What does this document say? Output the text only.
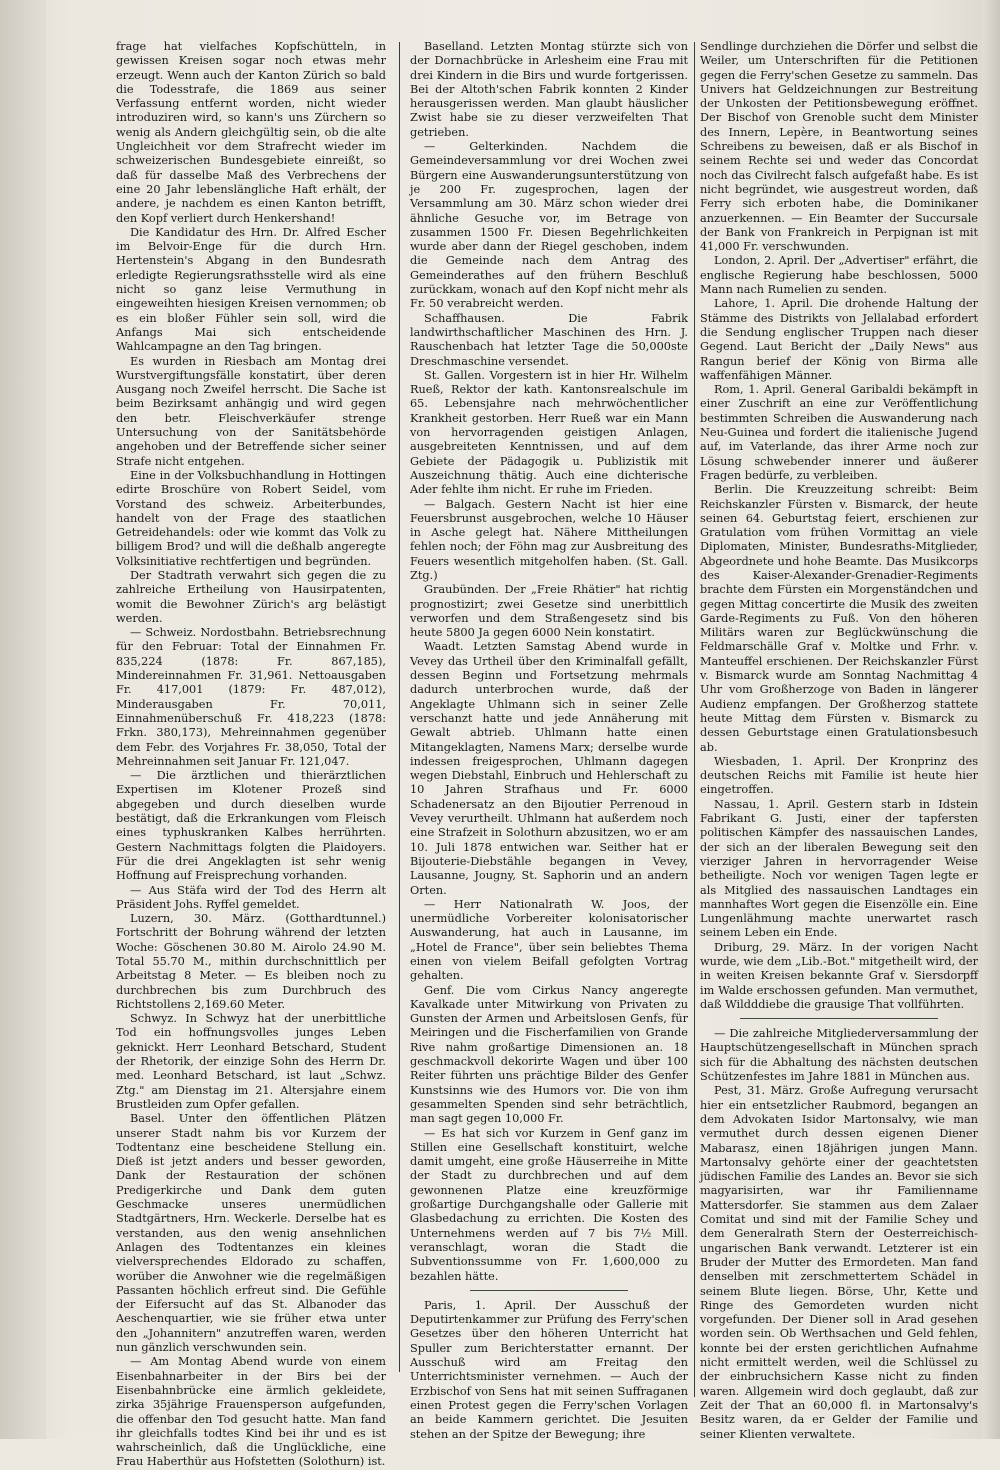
frage hat vielfaches Kopfschütteln, in gewissen Kreisen sogar noch etwas mehr erzeugt. Wenn auch der Kanton Zürich so bald die Todesstrafe, die 1869 aus seiner Verfassung entfernt worden, nicht wieder introduziren wird, so kann's uns Zürchern so wenig als Andern gleichgültig sein, ob die alte Ungleichheit vor dem Strafrecht wieder im schweizerischen Bundesgebiete einreißt, so daß für dasselbe Maß des Verbrechens der eine 20 Jahr lebenslängliche Haft erhält, der andere, je nachdem es einen Kanton betrifft, den Kopf verliert durch Henkershand!

Die Kandidatur des Hrn. Dr. Alfred Escher im Belvoir-Enge für die durch Hrn. Hertenstein's Abgang in den Bundesrath erledigte Regierungsrathsstelle wird als eine nicht so ganz leise Vermuthung in eingeweihten hiesigen Kreisen vernommen; ob es ein bloßer Fühler sein soll, wird die Anfangs Mai sich entscheidende Wahlcampagne an den Tag bringen.

Es wurden in Riesbach am Montag drei Wurstvergiftungsfälle konstatirt, über deren Ausgang noch Zweifel herrscht. Die Sache ist beim Bezirksamt anhängig und wird gegen den betr. Fleischverkäufer strenge Untersuchung von der Sanitätsbehörde angehoben und der Betreffende sicher seiner Strafe nicht entgehen.

Eine in der Volksbuchhandlung in Hottingen edirte Broschüre von Robert Seidel, vom Vorstand des schweiz. Arbeiterbundes, handelt von der Frage des staatlichen Getreidehandels: oder wie kommt das Volk zu billigem Brod? und will die deßhalb angeregte Volksinitiative rechtfertigen und begründen.

Der Stadtrath verwahrt sich gegen die zu zahlreiche Ertheilung von Hausirpatenten, womit die Bewohner Zürich's arg belästigt werden.

— Schweiz. Nordostbahn. Betriebsrechnung für den Februar: Total der Einnahmen Fr. 835,224 (1878: Fr. 867,185), Mindereinnahmen Fr. 31,961. Nettoausgaben Fr. 417,001 (1879: Fr. 487,012), Minderausgaben Fr. 70,011, Einnahmenüberschuß Fr. 418,223 (1878: Frkn. 380,173), Mehreinnahmen gegenüber dem Febr. des Vorjahres Fr. 38,050, Total der Mehreinnahmen seit Januar Fr. 121,047.

— Die ärztlichen und thierärztlichen Expertisen im Klotener Prozeß sind abgegeben und durch dieselben wurde bestätigt, daß die Erkrankungen vom Fleisch eines typhuskranken Kalbes herrührten. Gestern Nachmittags folgten die Plaidoyers. Für die drei Angeklagten ist sehr wenig Hoffnung auf Freisprechung vorhanden.

— Aus Stäfa wird der Tod des Herrn alt Präsident Johs. Ryffel gemeldet.

Luzern, 30. März. (Gotthardtunnel.) Fortschritt der Bohrung während der letzten Woche: Göschenen 30.80 M. Airolo 24.90 M. Total 55.70 M., mithin durchschnittlich per Arbeitstag 8 Meter. — Es bleiben noch zu durchbrechen bis zum Durchbruch des Richtstollens 2,169.60 Meter.

Schwyz. In Schwyz hat der unerbittliche Tod ein hoffnungsvolles junges Leben geknickt. Herr Leonhard Betschard, Student der Rhetorik, der einzige Sohn des Herrn Dr. med. Leonhard Betschard, ist laut „Schwz. Ztg." am Dienstag im 21. Altersjahre einem Brustleiden zum Opfer gefallen.

Basel. Unter den öffentlichen Plätzen unserer Stadt nahm bis vor Kurzem der Todtentanz eine bescheidene Stellung ein. Dieß ist jetzt anders und besser geworden, Dank der Restauration der schönen Predigerkirche und Dank dem guten Geschmacke unseres unermüdlichen Stadtgärtners, Hrn. Weckerle. Derselbe hat es verstanden, aus den wenig ansehnlichen Anlagen des Todtentanzes ein kleines vielversprechendes Eldorado zu schaffen, worüber die Anwohner wie die regelmäßigen Passanten höchlich erfreut sind. Die Gefühle der Eifersucht auf das St. Albanoder das Aeschenquartier, wie sie früher etwa unter den „Johannitern" anzutreffen waren, werden nun gänzlich verschwunden sein.

— Am Montag Abend wurde von einem Eisenbahnarbeiter in der Birs bei der Eisenbahnbrücke eine ärmlich gekleidete, zirka 35jährige Frauensperson aufgefunden, die offenbar den Tod gesucht hatte. Man fand ihr gleichfalls todtes Kind bei ihr und es ist wahrscheinlich, daß die Unglückliche, eine Frau Haberthür aus Hofstetten (Solothurn) ist.

Baselland. Letzten Montag stürzte sich von der Dornachbrücke in Arlesheim eine Frau mit drei Kindern in die Birs und wurde fortgerissen. Bei der Altoth'schen Fabrik konnten 2 Kinder herausgerissen werden. Man glaubt häuslicher Zwist habe sie zu dieser verzweifelten That getrieben.

— Gelterkinden. Nachdem die Gemeindeversammlung vor drei Wochen zwei Bürgern eine Auswanderungsunterstützung von je 200 Fr. zugesprochen, lagen der Versammlung am 30. März schon wieder drei ähnliche Gesuche vor, im Betrage von zusammen 1500 Fr. Diesen Begehrlichkeiten wurde aber dann der Riegel geschoben, indem die Gemeinde nach dem Antrag des Gemeinderathes auf den frühern Beschluß zurückkam, wonach auf den Kopf nicht mehr als Fr. 50 verabreicht werden.

Schaffhausen. Die Fabrik landwirthschaftlicher Maschinen des Hrn. J. Rauschenbach hat letzter Tage die 50,000ste Dreschmaschine versendet.

St. Gallen. Vorgestern ist in hier Hr. Wilhelm Rueß, Rektor der kath. Kantonsrealschule im 65. Lebensjahre nach mehrwöchentlicher Krankheit gestorben. Herr Rueß war ein Mann von hervorragenden geistigen Anlagen, ausgebreiteten Kenntnissen, und auf dem Gebiete der Pädagogik u. Publizistik mit Auszeichnung thätig. Auch eine dichterische Ader fehlte ihm nicht. Er ruhe im Frieden.

— Balgach. Gestern Nacht ist hier eine Feuersbrunst ausgebrochen, welche 10 Häuser in Asche gelegt hat. Nähere Mittheilungen fehlen noch; der Föhn mag zur Ausbreitung des Feuers wesentlich mitgeholfen haben. (St. Gall. Ztg.)

Graubünden. Der „Freie Rhätier" hat richtig prognostizirt; zwei Gesetze sind unerbittlich verworfen und dem Straßengesetz sind bis heute 5800 Ja gegen 6000 Nein konstatirt.

Waadt. Letzten Samstag Abend wurde in Vevey das Urtheil über den Kriminalfall gefällt, dessen Beginn und Fortsetzung mehrmals dadurch unterbrochen wurde, daß der Angeklagte Uhlmann sich in seiner Zelle verschanzt hatte und jede Annäherung mit Gewalt abtrieb. Uhlmann hatte einen Mitangeklagten, Namens Marx; derselbe wurde indessen freigesprochen, Uhlmann dagegen wegen Diebstahl, Einbruch und Hehlerschaft zu 10 Jahren Strafhaus und Fr. 6000 Schadenersatz an den Bijoutier Perrenoud in Vevey verurtheilt. Uhlmann hat außerdem noch eine Strafzeit in Solothurn abzusitzen, wo er am 10. Juli 1878 entwichen war. Seither hat er Bijouterie-Diebstähle begangen in Vevey, Lausanne, Jougny, St. Saphorin und an andern Orten.

— Herr Nationalrath W. Joos, der unermüdliche Vorbereiter kolonisatorischer Auswanderung, hat auch in Lausanne, im „Hotel de France", über sein beliebtes Thema einen von vielem Beifall gefolgten Vortrag gehalten.

Genf. Die vom Cirkus Nancy angeregte Kavalkade unter Mitwirkung von Privaten zu Gunsten der Armen und Arbeitslosen Genfs, für Meiringen und die Fischerfamilien von Grande Rive nahm großartige Dimensionen an. 18 geschmackvoll dekorirte Wagen und über 100 Reiter führten uns prächtige Bilder des Genfer Kunstsinns wie des Humors vor. Die von ihm gesammelten Spenden sind sehr beträchtlich, man sagt gegen 10,000 Fr.

— Es hat sich vor Kurzem in Genf ganz im Stillen eine Gesellschaft konstituirt, welche damit umgeht, eine große Häuserreihe in Mitte der Stadt zu durchbrechen und auf dem gewonnenen Platze eine kreuzförmige großartige Durchgangshalle oder Gallerie mit Glasbedachung zu errichten. Die Kosten des Unternehmens werden auf 7 bis 7½ Mill. veranschlagt, woran die Stadt die Subventionssumme von Fr. 1,600,000 zu bezahlen hätte.

Paris, 1. April. Der Ausschuß der Deputirtenkammer zur Prüfung des Ferry'schen Gesetzes über den höheren Unterricht hat Spuller zum Berichterstatter ernannt. Der Ausschuß wird am Freitag den Unterrichtsminister vernehmen. — Auch der Erzbischof von Sens hat mit seinen Suffraganen einen Protest gegen die Ferry'schen Vorlagen an beide Kammern gerichtet. Die Jesuiten stehen an der Spitze der Bewegung; ihre

Sendlinge durchziehen die Dörfer und selbst die Weiler, um Unterschriften für die Petitionen gegen die Ferry'schen Gesetze zu sammeln. Das Univers hat Geldzeichnungen zur Bestreitung der Unkosten der Petitionsbewegung eröffnet. Der Bischof von Grenoble sucht dem Minister des Innern, Lepère, in Beantwortung seines Schreibens zu beweisen, daß er als Bischof in seinem Rechte sei und weder das Concordat noch das Civilrecht falsch aufgefaßt habe. Es ist nicht begründet, wie ausgestreut worden, daß Ferry sich erboten habe, die Dominikaner anzuerkennen. — Ein Beamter der Succursale der Bank von Frankreich in Perpignan ist mit 41,000 Fr. verschwunden.

London, 2. April. Der „Advertiser" erfährt, die englische Regierung habe beschlossen, 5000 Mann nach Rumelien zu senden.

Lahore, 1. April. Die drohende Haltung der Stämme des Distrikts von Jellalabad erfordert die Sendung englischer Truppen nach dieser Gegend. Laut Bericht der „Daily News" aus Rangun berief der König von Birma alle waffenfähigen Männer.

Rom, 1. April. General Garibaldi bekämpft in einer Zuschrift an eine zur Veröffentlichung bestimmten Schreiben die Auswanderung nach Neu-Guinea und fordert die italienische Jugend auf, im Vaterlande, das ihrer Arme noch zur Lösung schwebender innerer und äußerer Fragen bedürfe, zu verbleiben.

Berlin. Die Kreuzzeitung schreibt: Beim Reichskanzler Fürsten v. Bismarck, der heute seinen 64. Geburtstag feiert, erschienen zur Gratulation vom frühen Vormittag an viele Diplomaten, Minister, Bundesraths-Mitglieder, Abgeordnete und hohe Beamte. Das Musikcorps des Kaiser-Alexander-Grenadier-Regiments brachte dem Fürsten ein Morgenständchen und gegen Mittag concertirte die Musik des zweiten Garde-Regiments zu Fuß. Von den höheren Militärs waren zur Beglückwünschung die Feldmarschälle Graf v. Moltke und Frhr. v. Manteuffel erschienen. Der Reichskanzler Fürst v. Bismarck wurde am Sonntag Nachmittag 4 Uhr vom Großherzoge von Baden in längerer Audienz empfangen. Der Großherzog stattete heute Mittag dem Fürsten v. Bismarck zu dessen Geburtstage einen Gratulationsbesuch ab.

Wiesbaden, 1. April. Der Kronprinz des deutschen Reichs mit Familie ist heute hier eingetroffen.

Nassau, 1. April. Gestern starb in Idstein Fabrikant G. Justi, einer der tapfersten politischen Kämpfer des nassauischen Landes, der sich an der liberalen Bewegung seit den vierziger Jahren in hervorragender Weise betheiligte. Noch vor wenigen Tagen legte er als Mitglied des nassauischen Landtages ein mannhaftes Wort gegen die Eisenzölle ein. Eine Lungenlähmung machte unerwartet rasch seinem Leben ein Ende.

Driburg, 29. März. In der vorigen Nacht wurde, wie dem „Lib.-Bot." mitgetheilt wird, der in weiten Kreisen bekannte Graf v. Siersdorpff im Walde erschossen gefunden. Man vermuthet, daß Wildddiebe die grausige That vollführten.

— Die zahlreiche Mitgliederversammlung der Hauptschützengesellschaft in München sprach sich für die Abhaltung des nächsten deutschen Schützenfestes im Jahre 1881 in München aus.

Pest, 31. März. Große Aufregung verursacht hier ein entsetzlicher Raubmord, begangen an dem Advokaten Isidor Martonsalvy, wie man vermuthet durch dessen eigenen Diener Mabarasz, einen 18jährigen jungen Mann. Martonsalvy gehörte einer der geachtetsten jüdischen Familie des Landes an. Bevor sie sich magyarisirten, war ihr Familienname Mattersdorfer. Sie stammen aus dem Zalaer Comitat und sind mit der Familie Schey und dem Generalrath Stern der Oesterreichisch-ungarischen Bank verwandt. Letzterer ist ein Bruder der Mutter des Ermordeten. Man fand denselben mit zerschmettertem Schädel in seinem Blute liegen. Börse, Uhr, Kette und Ringe des Gemordeten wurden nicht vorgefunden. Der Diener soll in Arad gesehen worden sein. Ob Werthsachen und Geld fehlen, konnte bei der ersten gerichtlichen Aufnahme nicht ermittelt werden, weil die Schlüssel zu der einbruchsichern Kasse nicht zu finden waren. Allgemein wird doch geglaubt, daß zur Zeit der That an 60,000 fl. in Martonsalvy's Besitz waren, da er Gelder der Familie und seiner Klienten verwaltete.
